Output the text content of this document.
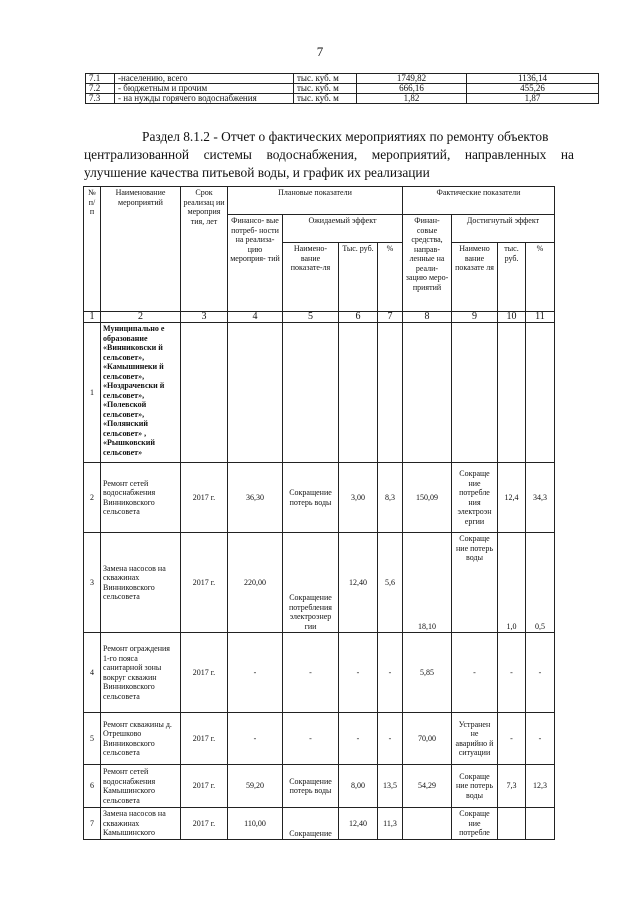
7
7.1	-населению, всего	тыс. куб. м	1749,82	1136,14
7.2	- бюджетным и прочим	тыс. куб. м	666,16	455,26
7.3	- на нужды горячего водоснабжения	тыс. куб. м	1,82	1,87
Раздел 8.1.2 - Отчет о фактических мероприятиях по ремонту объектов
централизованной системы водоснабжения, мероприятий, направленных на улучшение качества питьевой воды, и график их реализации
№ п/ п	Наименование мероприятий	Срок реализац ии мероприя тия, лет	Плановые показатели				Фактические показатели			
			Финансо- вые потреб- ности на реализа- цию мероприя- тий	Ожидаемый эффект			Финан- совые средства, направ- ленные на реали- зацию меро- приятий	Достигнутый эффект		
				Наимено- вание показате-ля	Тыс. руб.	%		Наимено вание показате ля	тыс. руб.	%
1	2	3	4	5	6	7	8	9	10	11
1	Муниципально е образование «Винниковски й сельсовет», «Камышинеки й сельсовет», «Ноздрачевски й сельсовет», «Полевской сельсовет», «Полянский сельсовет» , «Рышковский сельсовет»									
2	Ремонт сетей водоснабжения Винниковского сельсовета	2017 г.	36,30	Сокращение потерь воды	3,00	8,3	150,09	Сокраще ние потребле ния электроэн ергии	12,4	34,3
3	Замена насосов на скважинах Винниковского сельсовета	2017 г.	220,00	Сокращение потребления электроэнер гии	12,40	5,6	18,10	Сокраще ние потерь воды	1,0	0,5
4	Ремонт ограждения 1-го пояса санитарной зоны вокруг скважин Винниковского сельсовета	2017 г.	-	-	-	-	5,85	-	-	-
5	Ремонт скважины д. Отрешково Винниковского сельсовета	2017 г.	-	-	-	-	70,00	Устранен не аварийно й ситуации	-	-
6	Ремонт сетей водоснабжения Камышинского сельсовета	2017 г.	59,20	Сокращение потерь воды	8,00	13,5	54,29	Сокраще ние потерь воды	7,3	12,3
7	Замена насосов на скважинах Камышинского	2017 г.	110,00	Сокращение	12,40	11,3		Сокраще ние потребле		
